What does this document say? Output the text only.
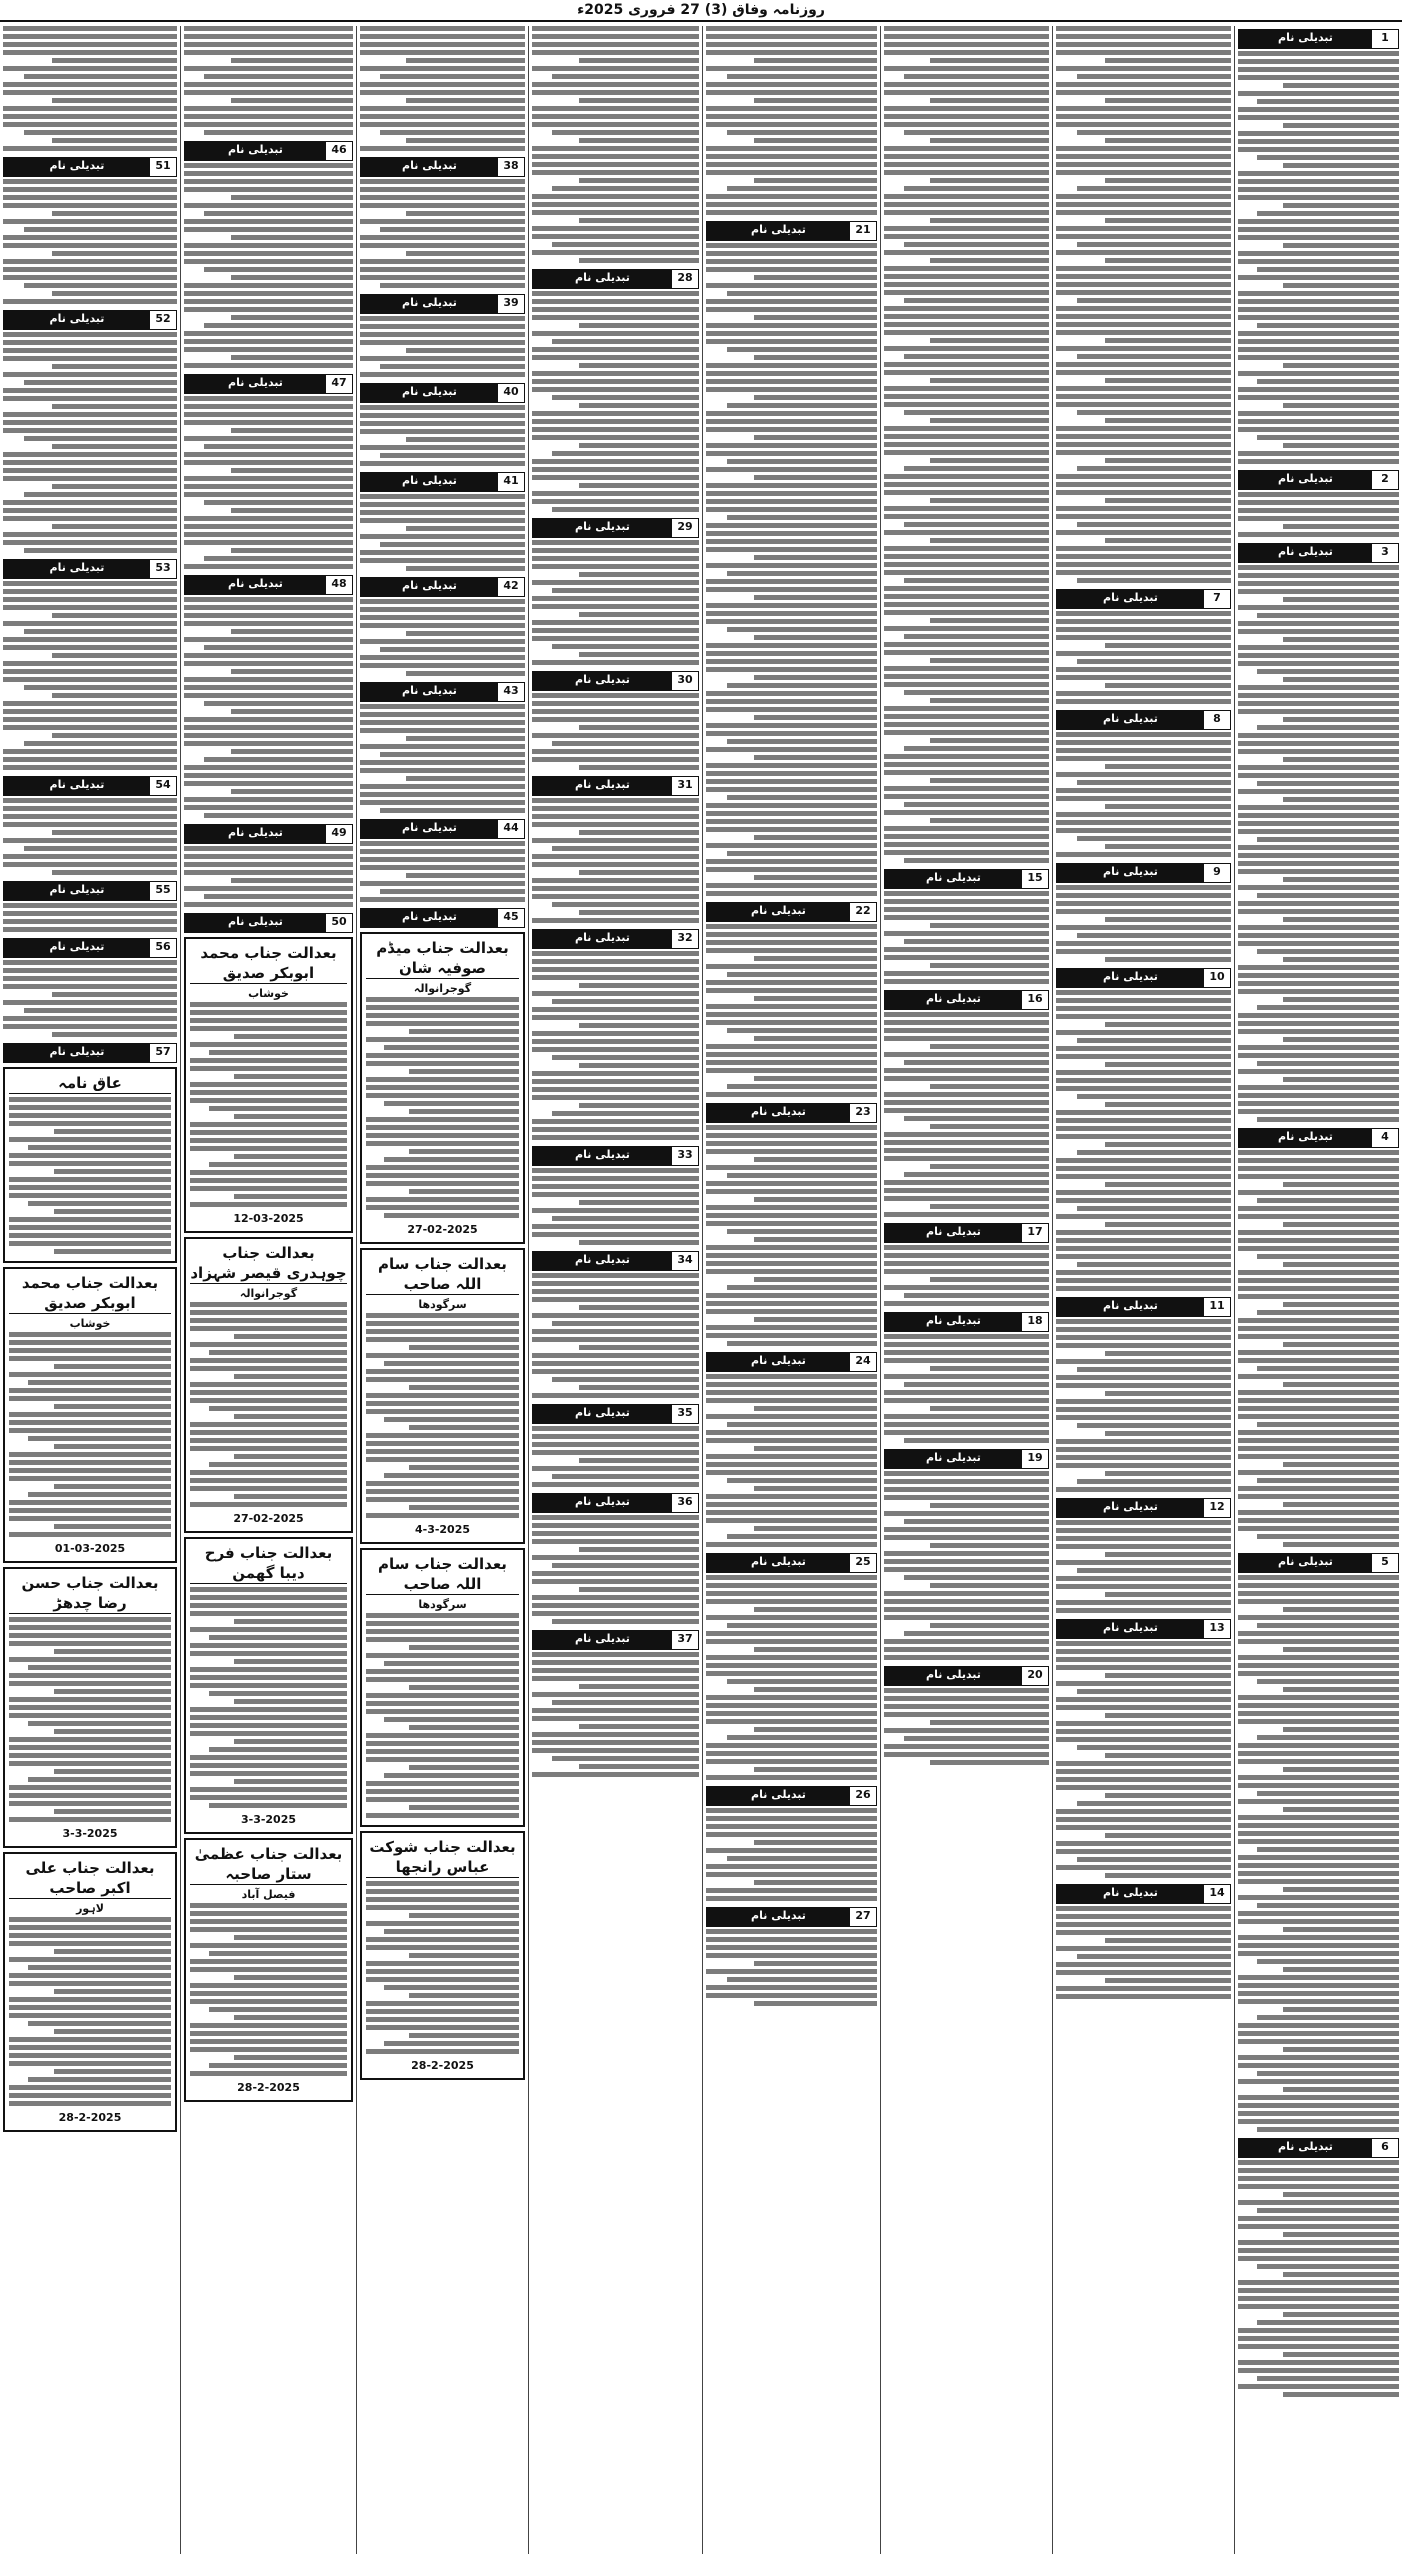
روزنامہ وفاق (3) 27 فروری 2025ء
تبدیلی نام	1
تبدیلی نام	2
تبدیلی نام	3
تبدیلی نام	4
تبدیلی نام	5
تبدیلی نام	6
تبدیلی نام	7
تبدیلی نام	8
تبدیلی نام	9
تبدیلی نام	10
تبدیلی نام	11
تبدیلی نام	12
تبدیلی نام	13
تبدیلی نام	14
تبدیلی نام	15
تبدیلی نام	16
تبدیلی نام	17
تبدیلی نام	18
تبدیلی نام	19
تبدیلی نام	20
تبدیلی نام	21
تبدیلی نام	22
تبدیلی نام	23
تبدیلی نام	24
تبدیلی نام	25
تبدیلی نام	26
تبدیلی نام	27
تبدیلی نام	28
تبدیلی نام	29
تبدیلی نام	30
تبدیلی نام	31
تبدیلی نام	32
تبدیلی نام	33
تبدیلی نام	34
تبدیلی نام	35
تبدیلی نام	36
تبدیلی نام	37
تبدیلی نام	38
تبدیلی نام	39
تبدیلی نام	40
تبدیلی نام	41
تبدیلی نام	42
تبدیلی نام	43
تبدیلی نام	44
تبدیلی نام	45
بعدالت جناب میڈم صوفیہ شان
گوجرانوالہ
27-02-2025
بعدالت جناب سام اللہ صاحب
سرگودھا
4-3-2025
بعدالت جناب سام اللہ صاحب
سرگودھا
بعدالت جناب شوکت عباس رانجھا
28-2-2025
تبدیلی نام	46
تبدیلی نام	47
تبدیلی نام	48
تبدیلی نام	49
تبدیلی نام	50
بعدالت جناب محمد ابوبکر صدیق
خوشاب
12-03-2025
بعدالت جناب چوہدری قیصر شہزاد
گوجرانوالہ
27-02-2025
بعدالت جناب فرح دیبا گھمن
3-3-2025
بعدالت جناب عظمیٰ ستار صاحبہ
فیصل آباد
28-2-2025
تبدیلی نام	51
تبدیلی نام	52
تبدیلی نام	53
تبدیلی نام	54
تبدیلی نام	55
تبدیلی نام	56
تبدیلی نام	57
عاق نامہ
بعدالت جناب محمد ابوبکر صدیق
خوشاب
01-03-2025
بعدالت جناب حسن رضا چدھڑ
3-3-2025
بعدالت جناب علی اکبر صاحب
لاہور
28-2-2025
